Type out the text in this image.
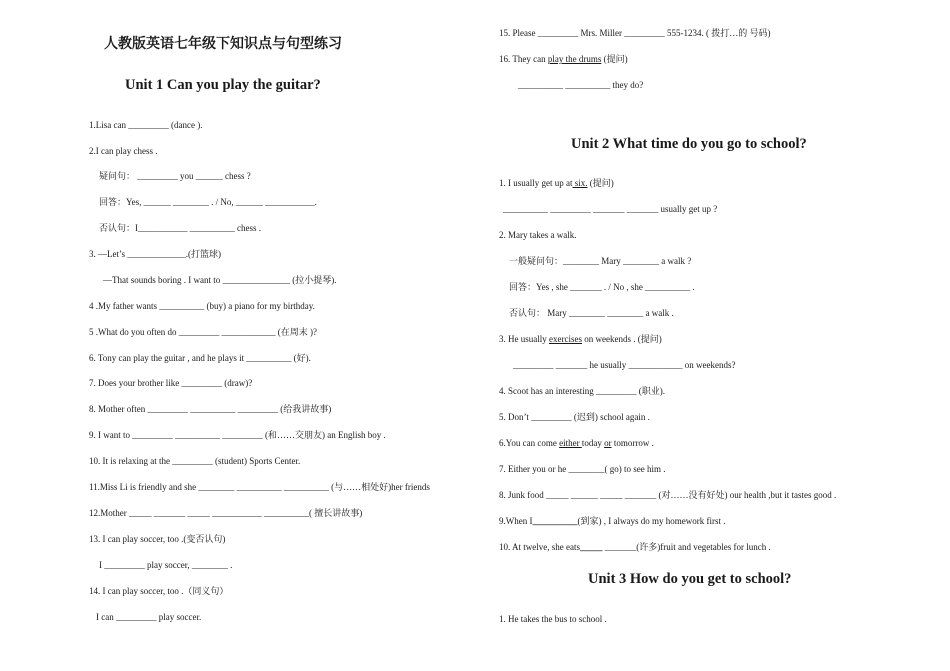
人教版英语七年级下知识点与句型练习
Unit 1 Can you play the guitar?
1.Lisa can _________ (dance ).
2.I can play chess .
疑问句： _________ you ______ chess ?
回答：Yes, ______ ________ . / No, ______ ___________.
否认句：I___________ __________ chess .
3. —Let’s _____________.(打篮球)
—That sounds boring . I want to _______________ (拉小提琴).
4 .My father wants __________ (buy) a piano for my birthday.
5 .What do you often do _________ ____________ (在周末 )?
6. Tony can play the guitar , and he plays it __________ (好).
7. Does your brother like _________ (draw)?
8. Mother often _________ __________ _________ (给我讲故事)
9. I want to _________ __________ _________ (和……交朋友) an English boy .
10. It is relaxing at the _________ (student) Sports Center.
11.Miss Li is friendly and she ________ __________ __________ (与……相处好)her friends
12.Mother _____ _______ _____ ___________ __________( 擅长讲故事)
13. I can play soccer, too .(变否认句)
I _________ play soccer, ________ .
14. I can play soccer, too .（同义句）
I can _________ play soccer.
15. Please _________ Mrs. Miller _________ 555-1234. ( 拨打…的 号码)
16. They can play the drums (提问)
__________ __________ they do?
Unit 2 What time do you go to school?
1. I usually get up at six. (提问)
__________ _________ _______ _______ usually get up ?
2. Mary takes a walk.
一般疑问句：________ Mary ________ a walk ?
回答：Yes , she _______ . / No , she __________ .
否认句： Mary ________ ________ a walk .
3. He usually exercises on weekends . (提问)
_________ _______ he usually ____________ on weekends?
4. Scoot has an interesting _________ (职业).
5. Don’t _________ (迟到) school again .
6.You can come either today or tomorrow .
7. Either you or he ________( go) to see him .
8. Junk food _____ ______ _____ _______ (对……没有好处) our health ,but it tastes good .
9.When I__________(到家) , I always do my homework first .
10. At twelve, she eats_____ _______(许多)fruit and vegetables for lunch .
Unit 3 How do you get to school?
1. He takes the bus to school .
